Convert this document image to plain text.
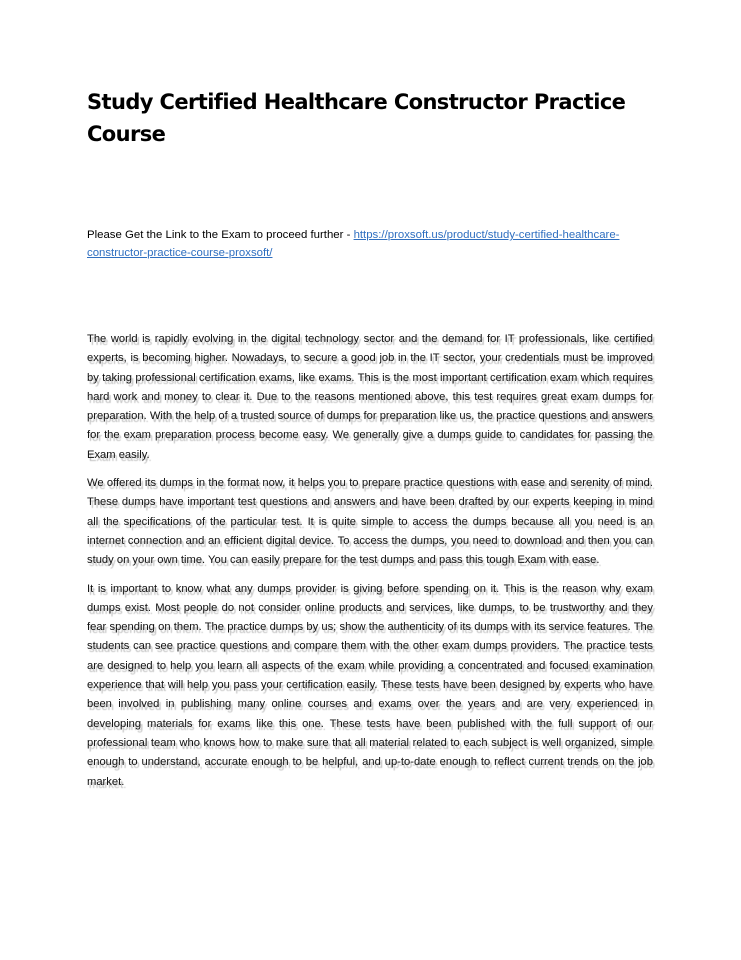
Study Certified Healthcare Constructor Practice Course

Please Get the Link to the Exam to proceed further - https://proxsoft.us/product/study-certified-healthcare-constructor-practice-course-proxsoft/

The world is rapidly evolving in the digital technology sector and the demand for IT professionals, like certified experts, is becoming higher. Nowadays, to secure a good job in the IT sector, your credentials must be improved by taking professional certification exams, like exams. This is the most important certification exam which requires hard work and money to clear it. Due to the reasons mentioned above, this test requires great exam dumps for preparation. With the help of a trusted source of dumps for preparation like us, the practice questions and answers for the exam preparation process become easy. We generally give a dumps guide to candidates for passing the Exam easily.

We offered its dumps in the format now, it helps you to prepare practice questions with ease and serenity of mind. These dumps have important test questions and answers and have been drafted by our experts keeping in mind all the specifications of the particular test. It is quite simple to access the dumps because all you need is an internet connection and an efficient digital device. To access the dumps, you need to download and then you can study on your own time. You can easily prepare for the test dumps and pass this tough Exam with ease.

It is important to know what any dumps provider is giving before spending on it. This is the reason why exam dumps exist. Most people do not consider online products and services, like dumps, to be trustworthy and they fear spending on them. The practice dumps by us; show the authenticity of its dumps with its service features. The students can see practice questions and compare them with the other exam dumps providers. The practice tests are designed to help you learn all aspects of the exam while providing a concentrated and focused examination experience that will help you pass your certification easily. These tests have been designed by experts who have been involved in publishing many online courses and exams over the years and are very experienced in developing materials for exams like this one. These tests have been published with the full support of our professional team who knows how to make sure that all material related to each subject is well organized, simple enough to understand, accurate enough to be helpful, and up-to-date enough to reflect current trends on the job market.
